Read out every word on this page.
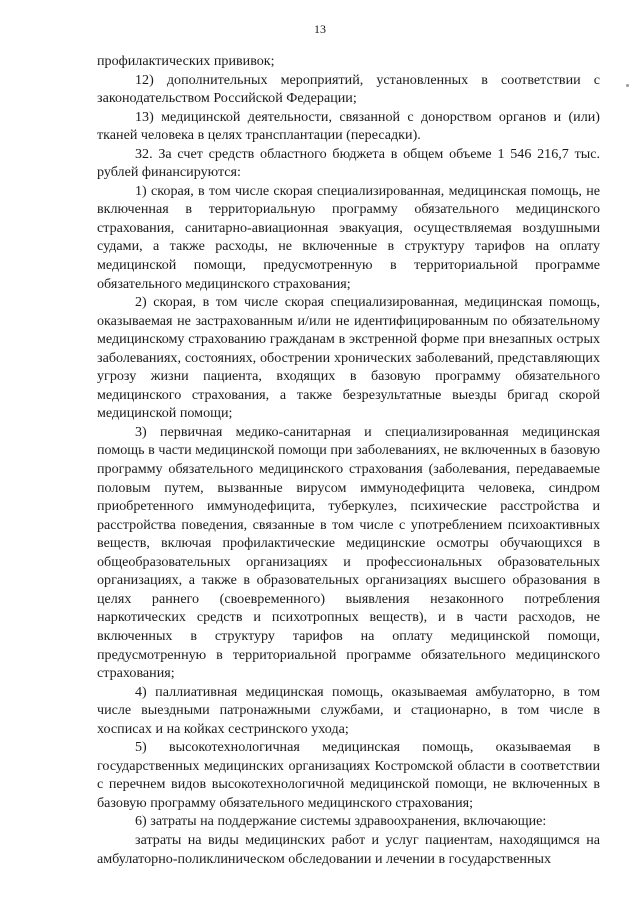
13

профилактических прививок;

12) дополнительных мероприятий, установленных в соответствии с законодательством Российской Федерации;

13) медицинской деятельности, связанной с донорством органов и (или) тканей человека в целях трансплантации (пересадки).

32. За счет средств областного бюджета в общем объеме 1 546 216,7 тыс. рублей финансируются:

1) скорая, в том числе скорая специализированная, медицинская помощь, не включенная в территориальную программу обязательного медицинского страхования, санитарно-авиационная эвакуация, осуществляемая воздушными судами, а также расходы, не включенные в структуру тарифов на оплату медицинской помощи, предусмотренную в территориальной программе обязательного медицинского страхования;

2) скорая, в том числе скорая специализированная, медицинская помощь, оказываемая не застрахованным и/или не идентифицированным по обязательному медицинскому страхованию гражданам в экстренной форме при внезапных острых заболеваниях, состояниях, обострении хронических заболеваний, представляющих угрозу жизни пациента, входящих в базовую программу обязательного медицинского страхования, а также безрезультатные выезды бригад скорой медицинской помощи;

3) первичная медико-санитарная и специализированная медицинская помощь в части медицинской помощи при заболеваниях, не включенных в базовую программу обязательного медицинского страхования (заболевания, передаваемые половым путем, вызванные вирусом иммунодефицита человека, синдром приобретенного иммунодефицита, туберкулез, психические расстройства и расстройства поведения, связанные в том числе с употреблением психоактивных веществ, включая профилактические медицинские осмотры обучающихся в общеобразовательных организациях и профессиональных образовательных организациях, а также в образовательных организациях высшего образования в целях раннего (своевременного) выявления незаконного потребления наркотических средств и психотропных веществ), и в части расходов, не включенных в структуру тарифов на оплату медицинской помощи, предусмотренную в территориальной программе обязательного медицинского страхования;

4) паллиативная медицинская помощь, оказываемая амбулаторно, в том числе выездными патронажными службами, и стационарно, в том числе в хосписах и на койках сестринского ухода;

5) высокотехнологичная медицинская помощь, оказываемая в государственных медицинских организациях Костромской области в соответствии с перечнем видов высокотехнологичной медицинской помощи, не включенных в базовую программу обязательного медицинского страхования;

6) затраты на поддержание системы здравоохранения, включающие:

затраты на виды медицинских работ и услуг пациентам, находящимся на амбулаторно-поликлиническом обследовании и лечении в государственных
